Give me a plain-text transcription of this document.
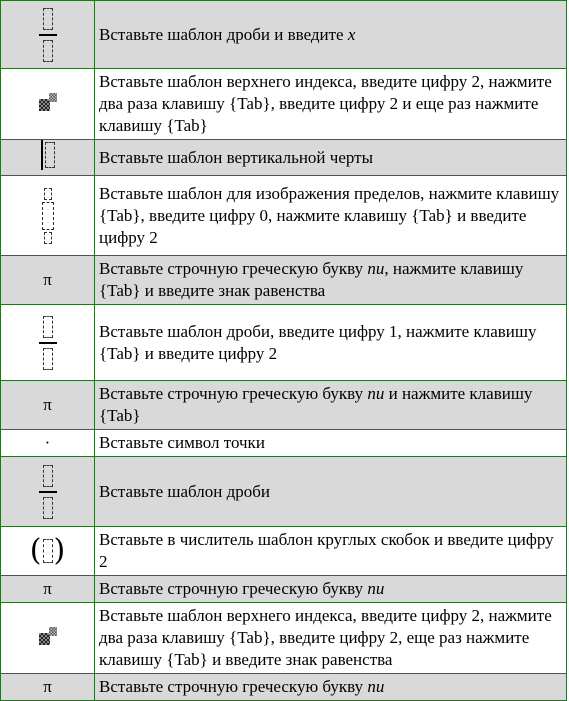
	Вставьте шаблон дроби и введите x

	Вставьте шаблон верхнего индекса, введите цифру 2, нажмите два раза клавишу {Tab}, введите цифру 2 и еще раз нажмите клавишу {Tab}

	Вставьте шаблон вертикальной черты

	Вставьте шаблон для изображения пределов, нажмите клавишу {Tab}, введите цифру 0, нажмите клавишу {Tab} и введите цифру 2
π	Вставьте строчную греческую букву пи, нажмите клавишу {Tab} и введите знак равенства

	Вставьте шаблон дроби, введите цифру 1, нажмите клавишу {Tab} и введите цифру 2
π	Вставьте строчную греческую букву пи и нажмите клавишу {Tab}
·	Вставьте символ точки

	Вставьте шаблон дроби
( )	Вставьте в числитель шаблон круглых скобок и введите цифру 2
π	Вставьте строчную греческую букву пи

	Вставьте шаблон верхнего индекса, введите цифру 2, нажмите два раза клавишу {Tab}, введите цифру 2, еще раз нажмите клавишу {Tab} и введите знак равенства
π	Вставьте строчную греческую букву пи
